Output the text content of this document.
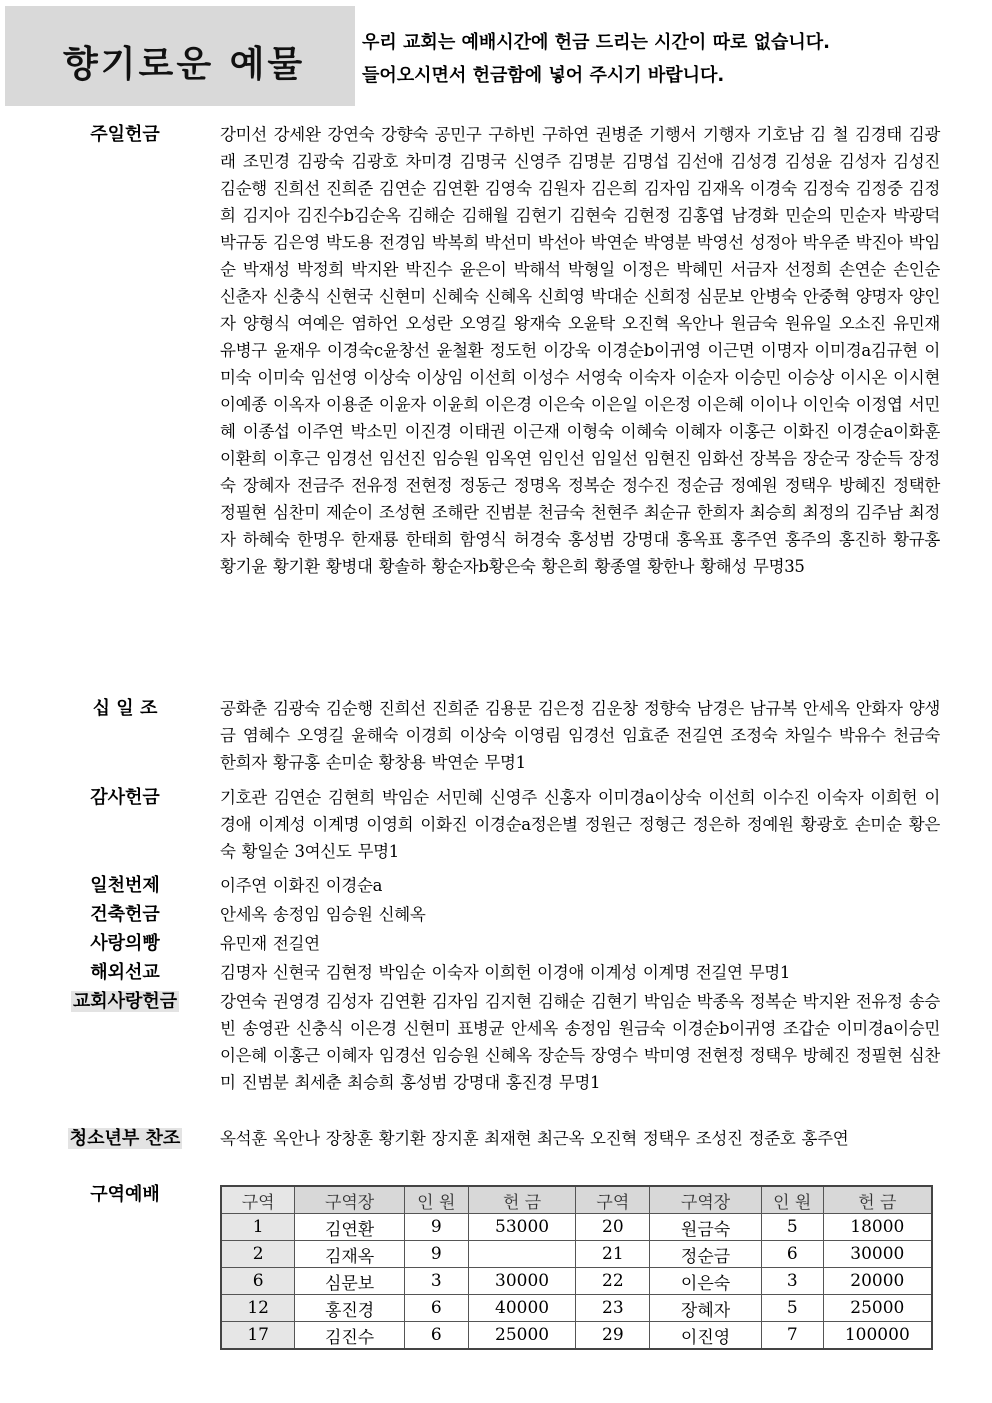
향기로운 예물
우리 교회는 예배시간에 헌금 드리는 시간이 따로 없습니다.
들어오시면서 헌금함에 넣어 주시기 바랍니다.
주일헌금	강미선 강세완 강연숙 강향숙 공민구 구하빈 구하연 권병준 기행서 기행자 기호남 김 철 김경태 김광래 조민경 김광숙 김광호 차미경 김명국 신영주 김명분 김명섭 김선애 김성경 김성윤 김성자 김성진 김순행 진희선 진희준 김연순 김연환 김영숙 김원자 김은희 김자임 김재옥 이경숙 김정숙 김정중 김정희 김지아 김진수b김순옥 김해순 김해월 김현기 김현숙 김현정 김홍엽 남경화 민순의 민순자 박광덕 박규동 김은영 박도용 전경임 박복희 박선미 박선아 박연순 박영분 박영선 성정아 박우준 박진아 박임순 박재성 박정희 박지완 박진수 윤은이 박해석 박형일 이정은 박혜민 서금자 선정희 손연순 손인순 신춘자 신충식 신현국 신현미 신혜숙 신혜옥 신희영 박대순 신희정 심문보 안병숙 안중혁 양명자 양인자 양형식 여예은 염하언 오성란 오영길 왕재숙 오윤탁 오진혁 옥안나 원금숙 원유일 오소진 유민재 유병구 윤재우 이경숙c윤창선 윤철환 정도헌 이강욱 이경순b이귀영 이근면 이명자 이미경a김규현 이미숙 이미숙 임선영 이상숙 이상임 이선희 이성수 서영숙 이숙자 이순자 이승민 이승상 이시온 이시현 이예종 이옥자 이용준 이윤자 이윤희 이은경 이은숙 이은일 이은정 이은혜 이이나 이인숙 이정엽 서민혜 이종섭 이주연 박소민 이진경 이태권 이근재 이형숙 이혜숙 이혜자 이홍근 이화진 이경순a이화훈 이환희 이후근 임경선 임선진 임승원 임옥연 임인선 임일선 임현진 임화선 장복음 장순국 장순득 장정숙 장혜자 전금주 전유정 전현정 정동근 정명옥 정복순 정수진 정순금 정예원 정택우 방혜진 정택한 정필현 심찬미 제순이 조성현 조해란 진범분 천금숙 천현주 최순규 한희자 최승희 최정의 김주남 최정자 하혜숙 한명우 한재룡 한태희 함영식 허경숙 홍성범 강명대 홍옥표 홍주연 홍주의 홍진하 황규홍 황기윤 황기환 황병대 황솔하 황순자b황은숙 황은희 황종열 황한나 황해성 무명35
십 일 조	공화춘 김광숙 김순행 진희선 진희준 김용문 김은정 김운창 정향숙 남경은 남규복 안세옥 안화자 양생금 염혜수 오영길 윤해숙 이경희 이상숙 이영림 임경선 임효준 전길연 조정숙 차일수 박유수 천금숙 한희자 황규홍 손미순 황창용 박연순 무명1
감사헌금	기호관 김연순 김현희 박임순 서민혜 신영주 신홍자 이미경a이상숙 이선희 이수진 이숙자 이희헌 이경애 이계성 이계명 이영희 이화진 이경순a정은별 정원근 정형근 정은하 정예원 황광호 손미순 황은숙 황일순 3여신도 무명1
일천번제	이주연 이화진 이경순a
건축헌금	안세옥 송정임 임승원 신혜옥
사랑의빵	유민재 전길연
해외선교	김명자 신현국 김현정 박임순 이숙자 이희헌 이경애 이계성 이계명 전길연 무명1
교회사랑헌금	강연숙 권영경 김성자 김연환 김자임 김지현 김해순 김현기 박임순 박종옥 정복순 박지완 전유정 송승빈 송영관 신충식 이은경 신현미 표병균 안세옥 송정임 원금숙 이경순b이귀영 조갑순 이미경a이승민 이은혜 이홍근 이혜자 임경선 임승원 신혜옥 장순득 장영수 박미영 전현정 정택우 방혜진 정필현 심찬미 진범분 최세춘 최승희 홍성범 강명대 홍진경 무명1
청소년부 찬조	옥석훈 옥안나 장창훈 황기환 장지훈 최재현 최근옥 오진혁 정택우 조성진 정준호 홍주연
구역예배	구역	구역장	인 원	헌 금	구역	구역장	인 원	헌 금
1	김연환	9	53000	20	원금숙	5	18000
2	김재옥	9		21	정순금	6	30000
6	심문보	3	30000	22	이은숙	3	20000
12	홍진경	6	40000	23	장혜자	5	25000
17	김진수	6	25000	29	이진영	7	100000
